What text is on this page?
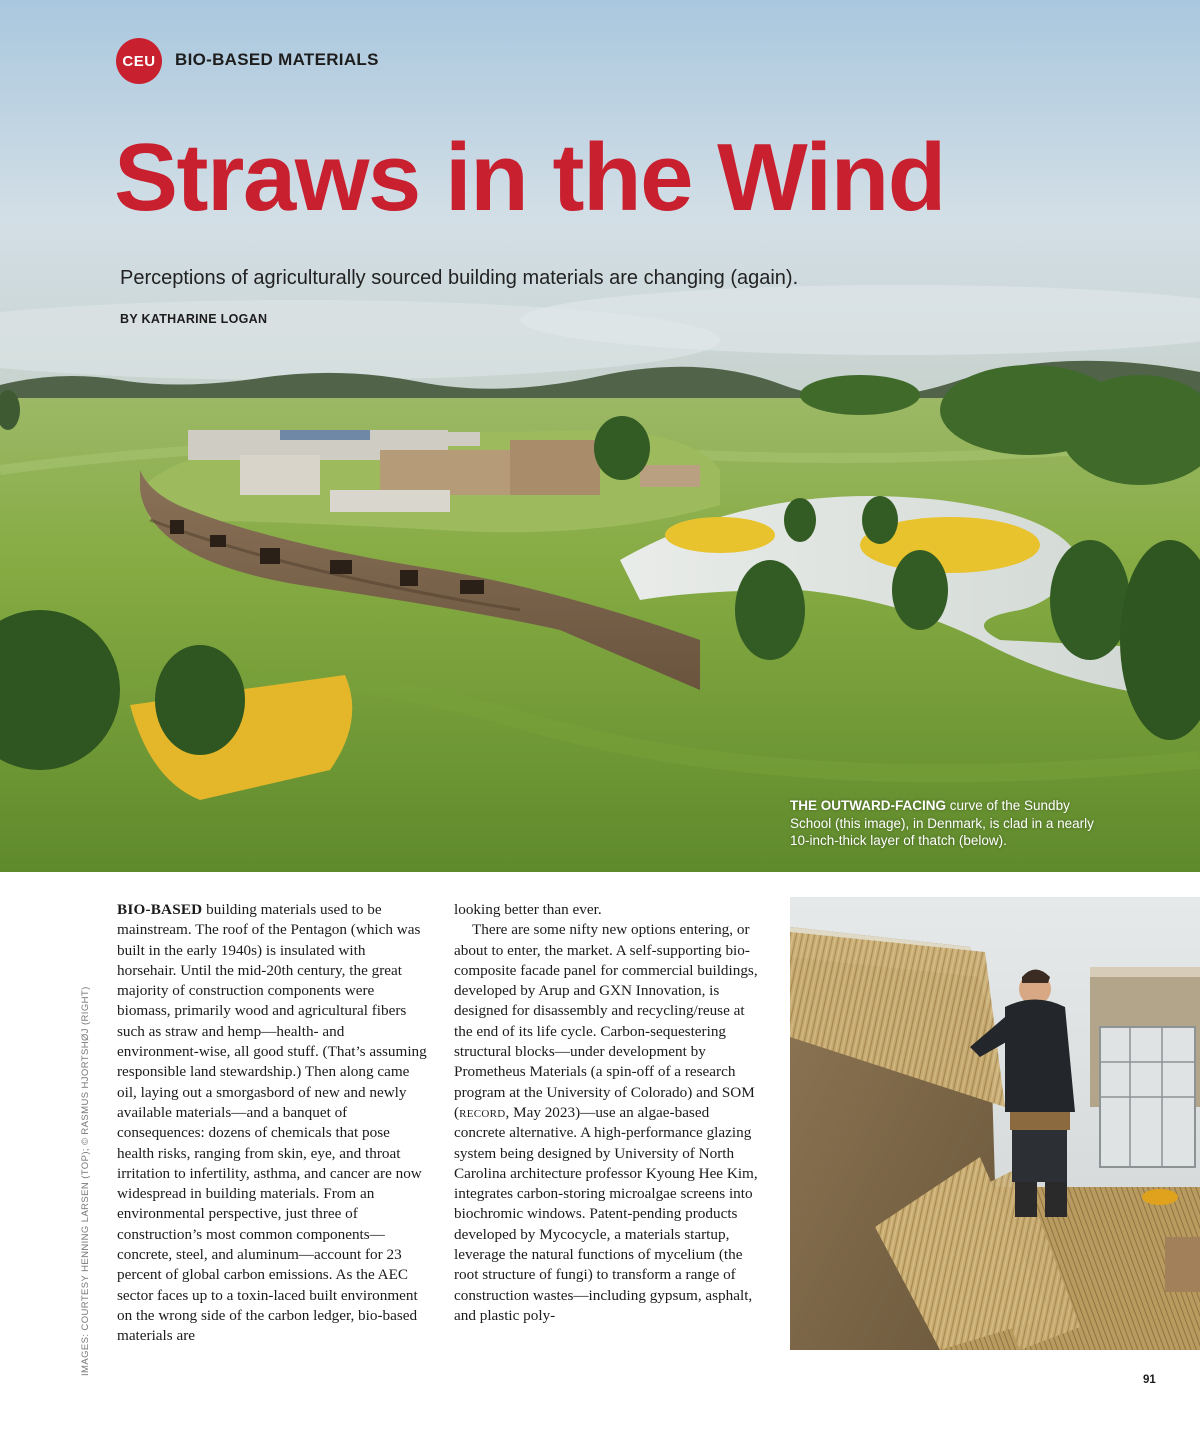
CEU	BIO-BASED MATERIALS
Straws in the Wind
Perceptions of agriculturally sourced building materials are changing (again).
BY KATHARINE LOGAN
THE OUTWARD-FACING curve of the Sundby School (this image), in Denmark, is clad in a nearly 10-inch-thick layer of thatch (below).
IMAGES: COURTESY HENNING LARSEN (TOP); © RASMUS HJORTSHØJ (RIGHT)

BIO-BASED building materials used to be mainstream. The roof of the Pentagon (which was built in the early 1940s) is insulated with horsehair. Until the mid-20th century, the great majority of construction components were biomass, primarily wood and agricultural fibers such as straw and hemp—health- and environment-wise, all good stuff. (That’s assuming responsible land stewardship.) Then along came oil, laying out a smorgasbord of new and newly available materials—and a banquet of consequences: dozens of chemicals that pose health risks, ranging from skin, eye, and throat irritation to infertility, asthma, and cancer are now widespread in building materials. From an environmental perspective, just three of construction’s most common components—concrete, steel, and aluminum—account for 23 percent of global carbon emissions. As the AEC sector faces up to a toxin-laced built environment on the wrong side of the carbon ledger, bio-based materials are

looking better than ever.

There are some nifty new options entering, or about to enter, the market. A self-supporting bio-composite facade panel for commercial buildings, developed by Arup and GXN Innovation, is designed for disassembly and recycling/reuse at the end of its life cycle. Carbon-sequestering structural blocks—under development by Prometheus Materials (a spin-off of a research program at the University of Colorado) and SOM (record, May 2023)—use an algae-based concrete alternative. A high-performance glazing system being designed by University of North Carolina architecture professor Kyoung Hee Kim, integrates carbon-storing microalgae screens into biochromic windows. Patent-pending products developed by Mycocycle, a materials startup, leverage the natural functions of mycelium (the root structure of fungi) to transform a range of construction wastes—including gypsum, asphalt, and plastic poly-

91
